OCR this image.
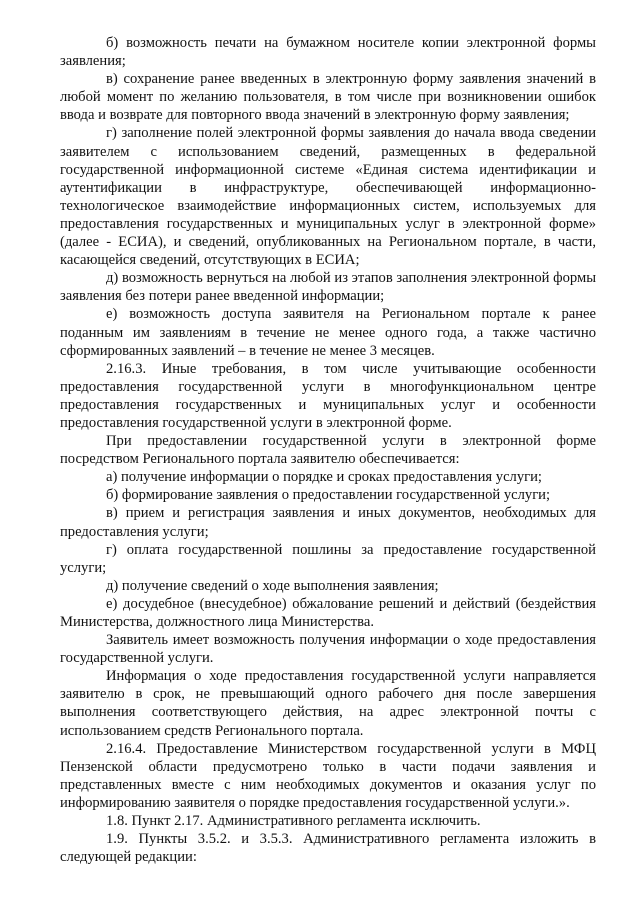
б) возможность печати на бумажном носителе копии электронной формы заявления;

в) сохранение ранее введенных в электронную форму заявления значений в любой момент по желанию пользователя, в том числе при возникновении ошибок ввода и возврате для повторного ввода значений в электронную форму заявления;

г) заполнение полей электронной формы заявления до начала ввода сведении заявителем с использованием сведений, размещенных в федеральной государственной информационной системе «Единая система идентификации и аутентификации в инфраструктуре, обеспечивающей информационно-технологическое взаимодействие информационных систем, используемых для предоставления государственных и муниципальных услуг в электронной форме» (далее - ЕСИА), и сведений, опубликованных на Региональном портале, в части, касающейся сведений, отсутствующих в ЕСИА;

д) возможность вернуться на любой из этапов заполнения электронной формы заявления без потери ранее введенной информации;

е) возможность доступа заявителя на Региональном портале к ранее поданным им заявлениям в течение не менее одного года, а также частично сформированных заявлений – в течение не менее 3 месяцев.

2.16.3. Иные требования, в том числе учитывающие особенности предоставления государственной услуги в многофункциональном центре предоставления государственных и муниципальных услуг и особенности предоставления государственной услуги в электронной форме.

При предоставлении государственной услуги в электронной форме посредством Регионального портала заявителю обеспечивается:

а) получение информации о порядке и сроках предоставления услуги;

б) формирование заявления о предоставлении государственной услуги;

в) прием и регистрация заявления и иных документов, необходимых для предоставления услуги;

г) оплата государственной пошлины за предоставление государственной услуги;

д) получение сведений о ходе выполнения заявления;

е) досудебное (внесудебное) обжалование решений и действий (бездействия Министерства, должностного лица Министерства.

Заявитель имеет возможность получения информации о ходе предоставления государственной услуги.

Информация о ходе предоставления государственной услуги направляется заявителю в срок, не превышающий одного рабочего дня после завершения выполнения соответствующего действия, на адрес электронной почты с использованием средств Регионального портала.

2.16.4. Предоставление Министерством государственной услуги в МФЦ Пензенской области предусмотрено только в части подачи заявления и представленных вместе с ним необходимых документов и оказания услуг по информированию заявителя о порядке предоставления государственной услуги.».

1.8. Пункт 2.17. Административного регламента исключить.

1.9. Пункты 3.5.2. и 3.5.3. Административного регламента изложить в следующей редакции:
